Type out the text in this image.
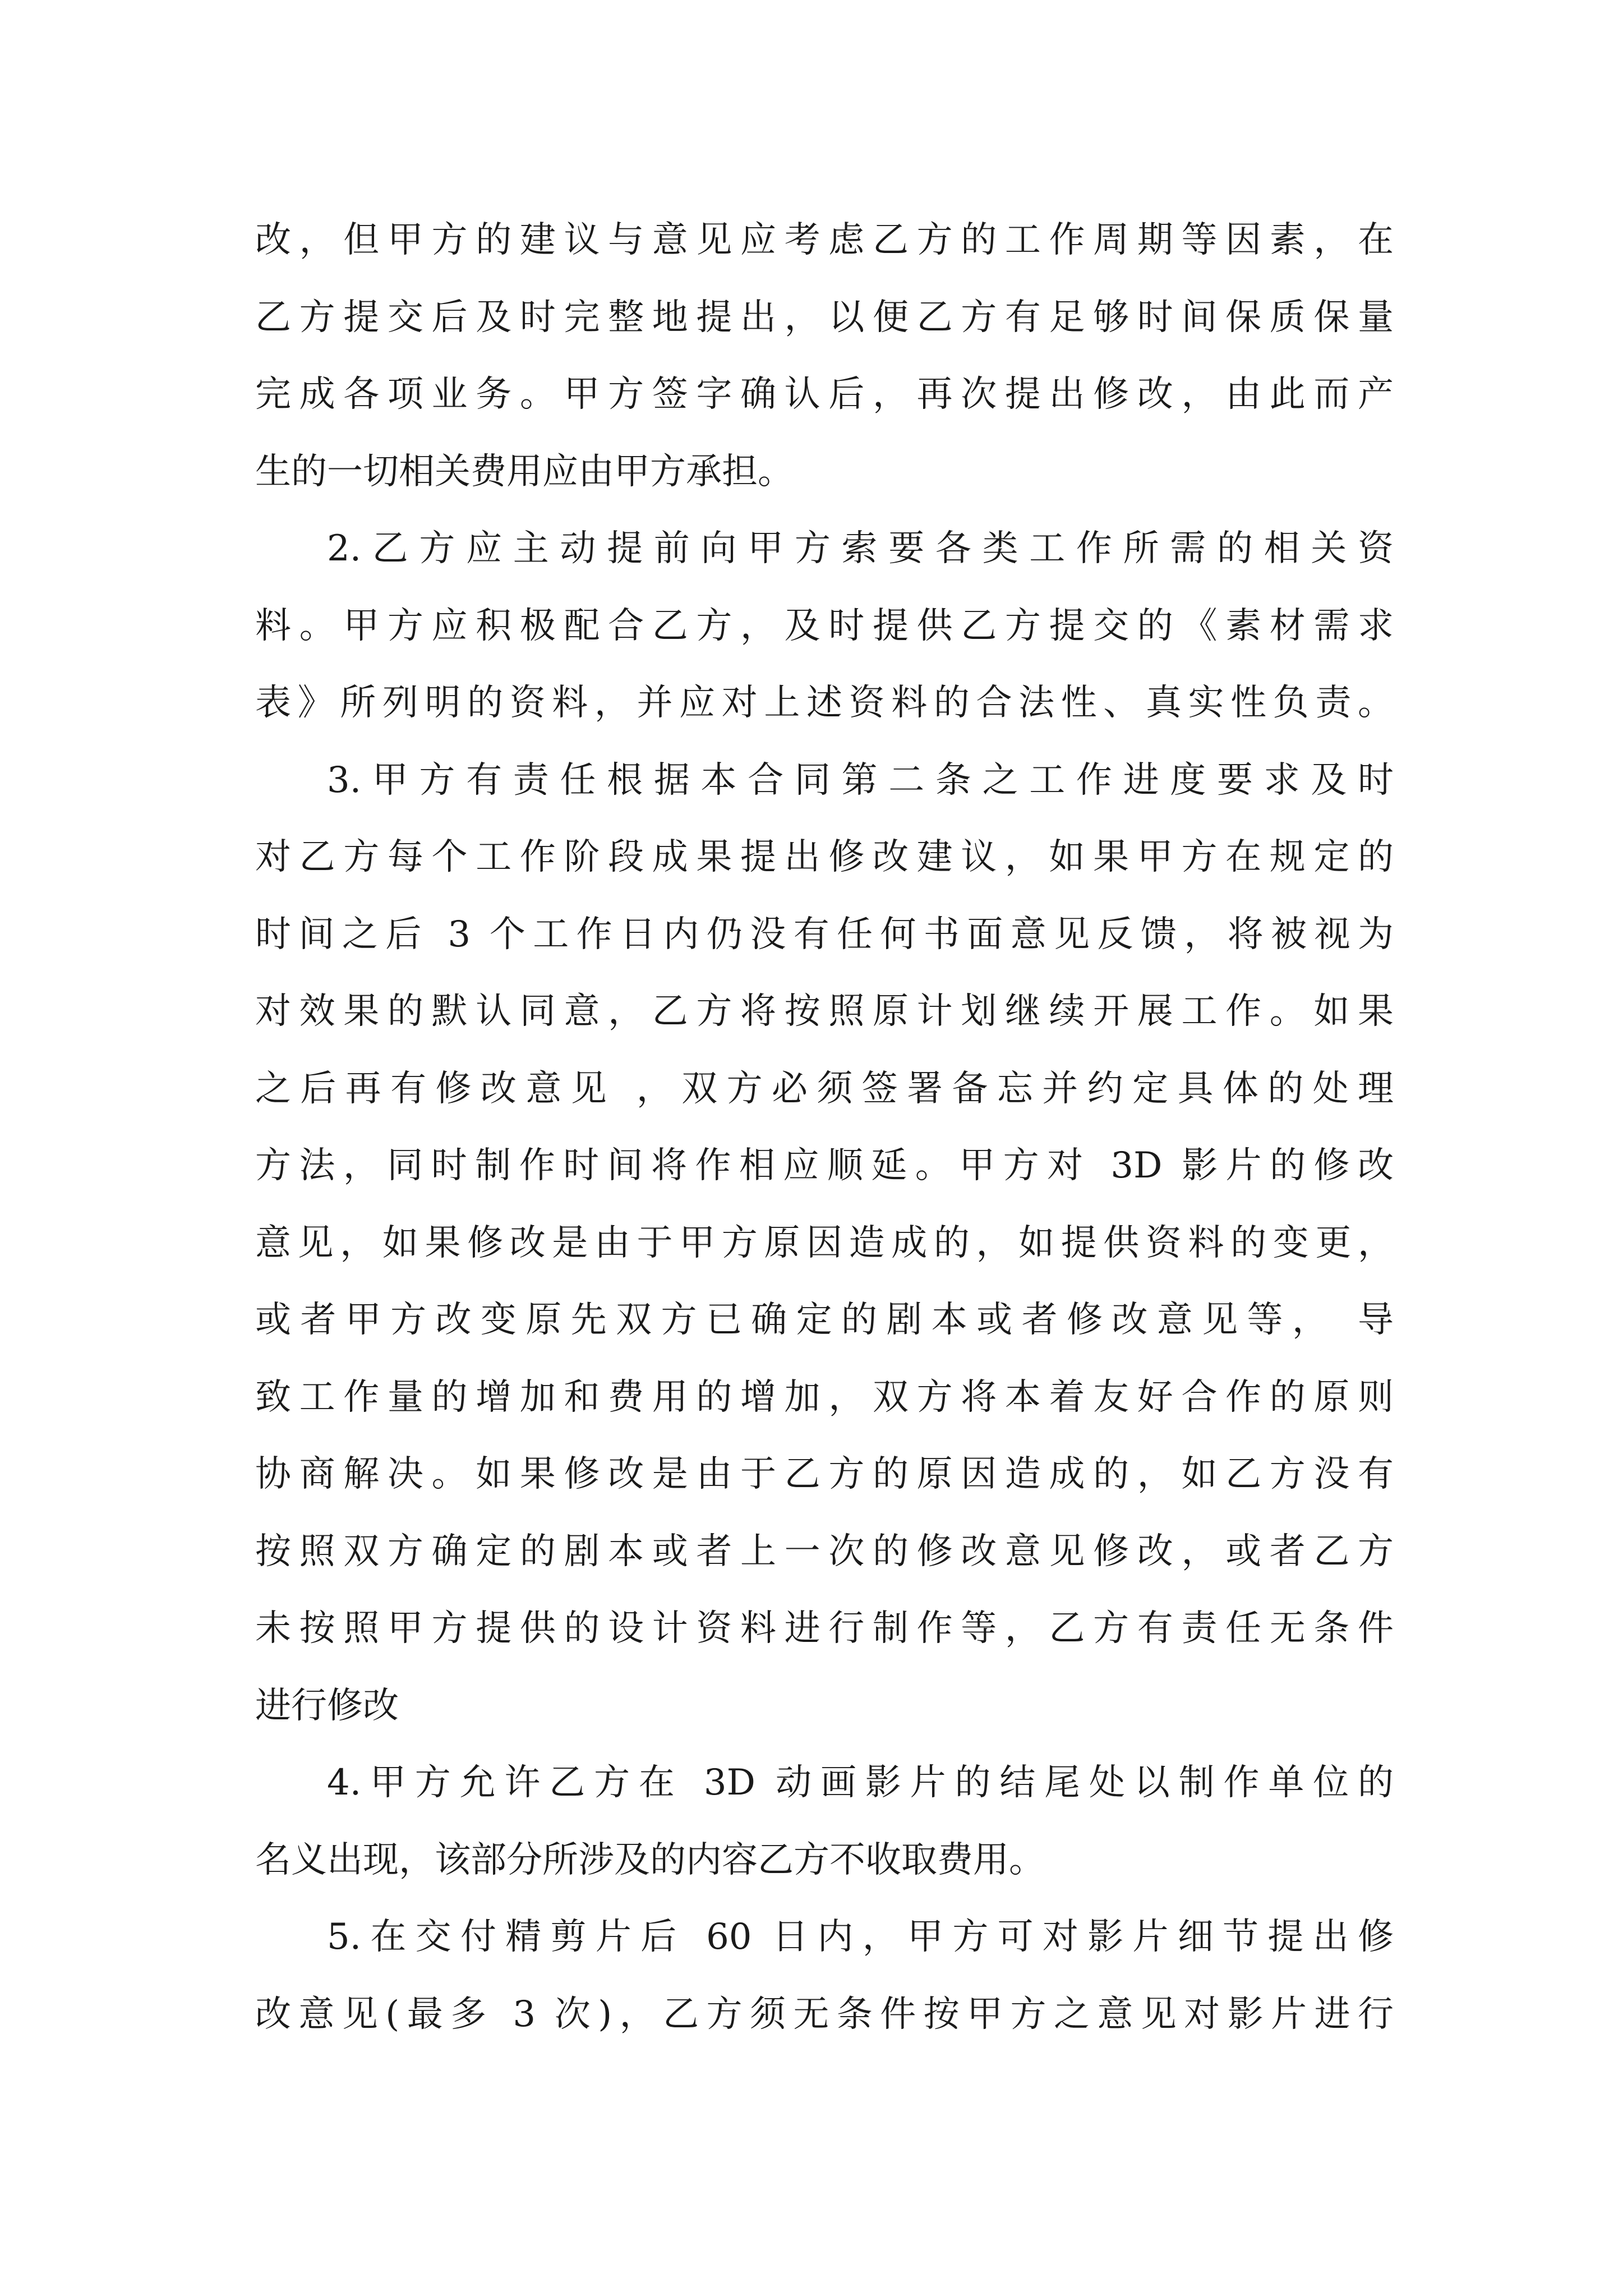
改，但甲方的建议与意见应考虑乙方的工作周期等因素，在
乙方提交后及时完整地提出，以便乙方有足够时间保质保量
完成各项业务。甲方签字确认后，再次提出修改，由此而产
生的一切相关费用应由甲方承担。
2.乙方应主动提前向甲方索要各类工作所需的相关资
料。甲方应积极配合乙方，及时提供乙方提交的《素材需求
表》所列明的资料，并应对上述资料的合法性、真实性负责。
3.甲方有责任根据本合同第二条之工作进度要求及时
对乙方每个工作阶段成果提出修改建议，如果甲方在规定的
时间之后 3 个工作日内仍没有任何书面意见反馈，将被视为
对效果的默认同意，乙方将按照原计划继续开展工作。如果
之后再有修改意见 ，双方必须签署备忘并约定具体的处理
方法，同时制作时间将作相应顺延。甲方对 3D 影片的修改
意见，如果修改是由于甲方原因造成的，如提供资料的变更，
或者甲方改变原先双方已确定的剧本或者修改意见等， 导
致工作量的增加和费用的增加，双方将本着友好合作的原则
协商解决。如果修改是由于乙方的原因造成的，如乙方没有
按照双方确定的剧本或者上一次的修改意见修改，或者乙方
未按照甲方提供的设计资料进行制作等，乙方有责任无条件
进行修改
4.甲方允许乙方在 3D 动画影片的结尾处以制作单位的
名义出现，该部分所涉及的内容乙方不收取费用。
5.在交付精剪片后 60 日内，甲方可对影片细节提出修
改意见(最多 3 次)，乙方须无条件按甲方之意见对影片进行
